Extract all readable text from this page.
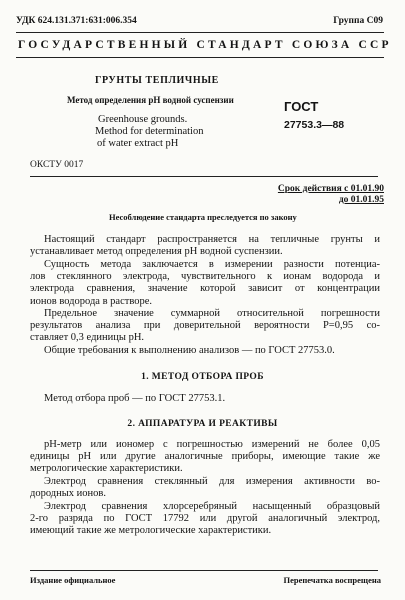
УДК 624.131.371:631:006.354	Группа С09
ГОСУДАРСТВЕННЫЙ СТАНДАРТ СОЮЗА ССР
ГРУНТЫ ТЕПЛИЧНЫЕ
Метод определения pH водной суспензии
Greenhouse grounds.
Method for determination
of water extract pH
ГОСТ
27753.3—88
ОКСТУ 0017
Срок действия с 01.01.90
до 01.01.95
Несоблюдение стандарта преследуется по закону
Настоящий стандарт распространяется на тепличные грунты и
устанавливает метод определения pH водной суспензии.
Сущность метода заключается в измерении разности потенциа-
лов стеклянного электрода, чувствительного к ионам водорода и
электрода сравнения, значение которой зависит от концентрации
ионов водорода в растворе.
Предельное значение суммарной относительной погрешности
результатов анализа при доверительной вероятности P=0,95 со-
ставляет 0,3 единицы pH.
Общие требования к выполнению анализов — по ГОСТ 27753.0.
1. МЕТОД ОТБОРА ПРОБ
Метод отбора проб — по ГОСТ 27753.1.
2. АППАРАТУРА И РЕАКТИВЫ
pH-метр или иономер с погрешностью измерений не более 0,05
единицы pH или другие аналогичные приборы, имеющие такие же
метрологические характеристики.
Электрод сравнения стеклянный для измерения активности во-
дородных ионов.
Электрод сравнения хлорсеребряный насыщенный образцовый
2-го разряда по ГОСТ 17792 или другой аналогичный электрод,
имеющий такие же метрологические характеристики.
Издание официальное	Перепечатка воспрещена
